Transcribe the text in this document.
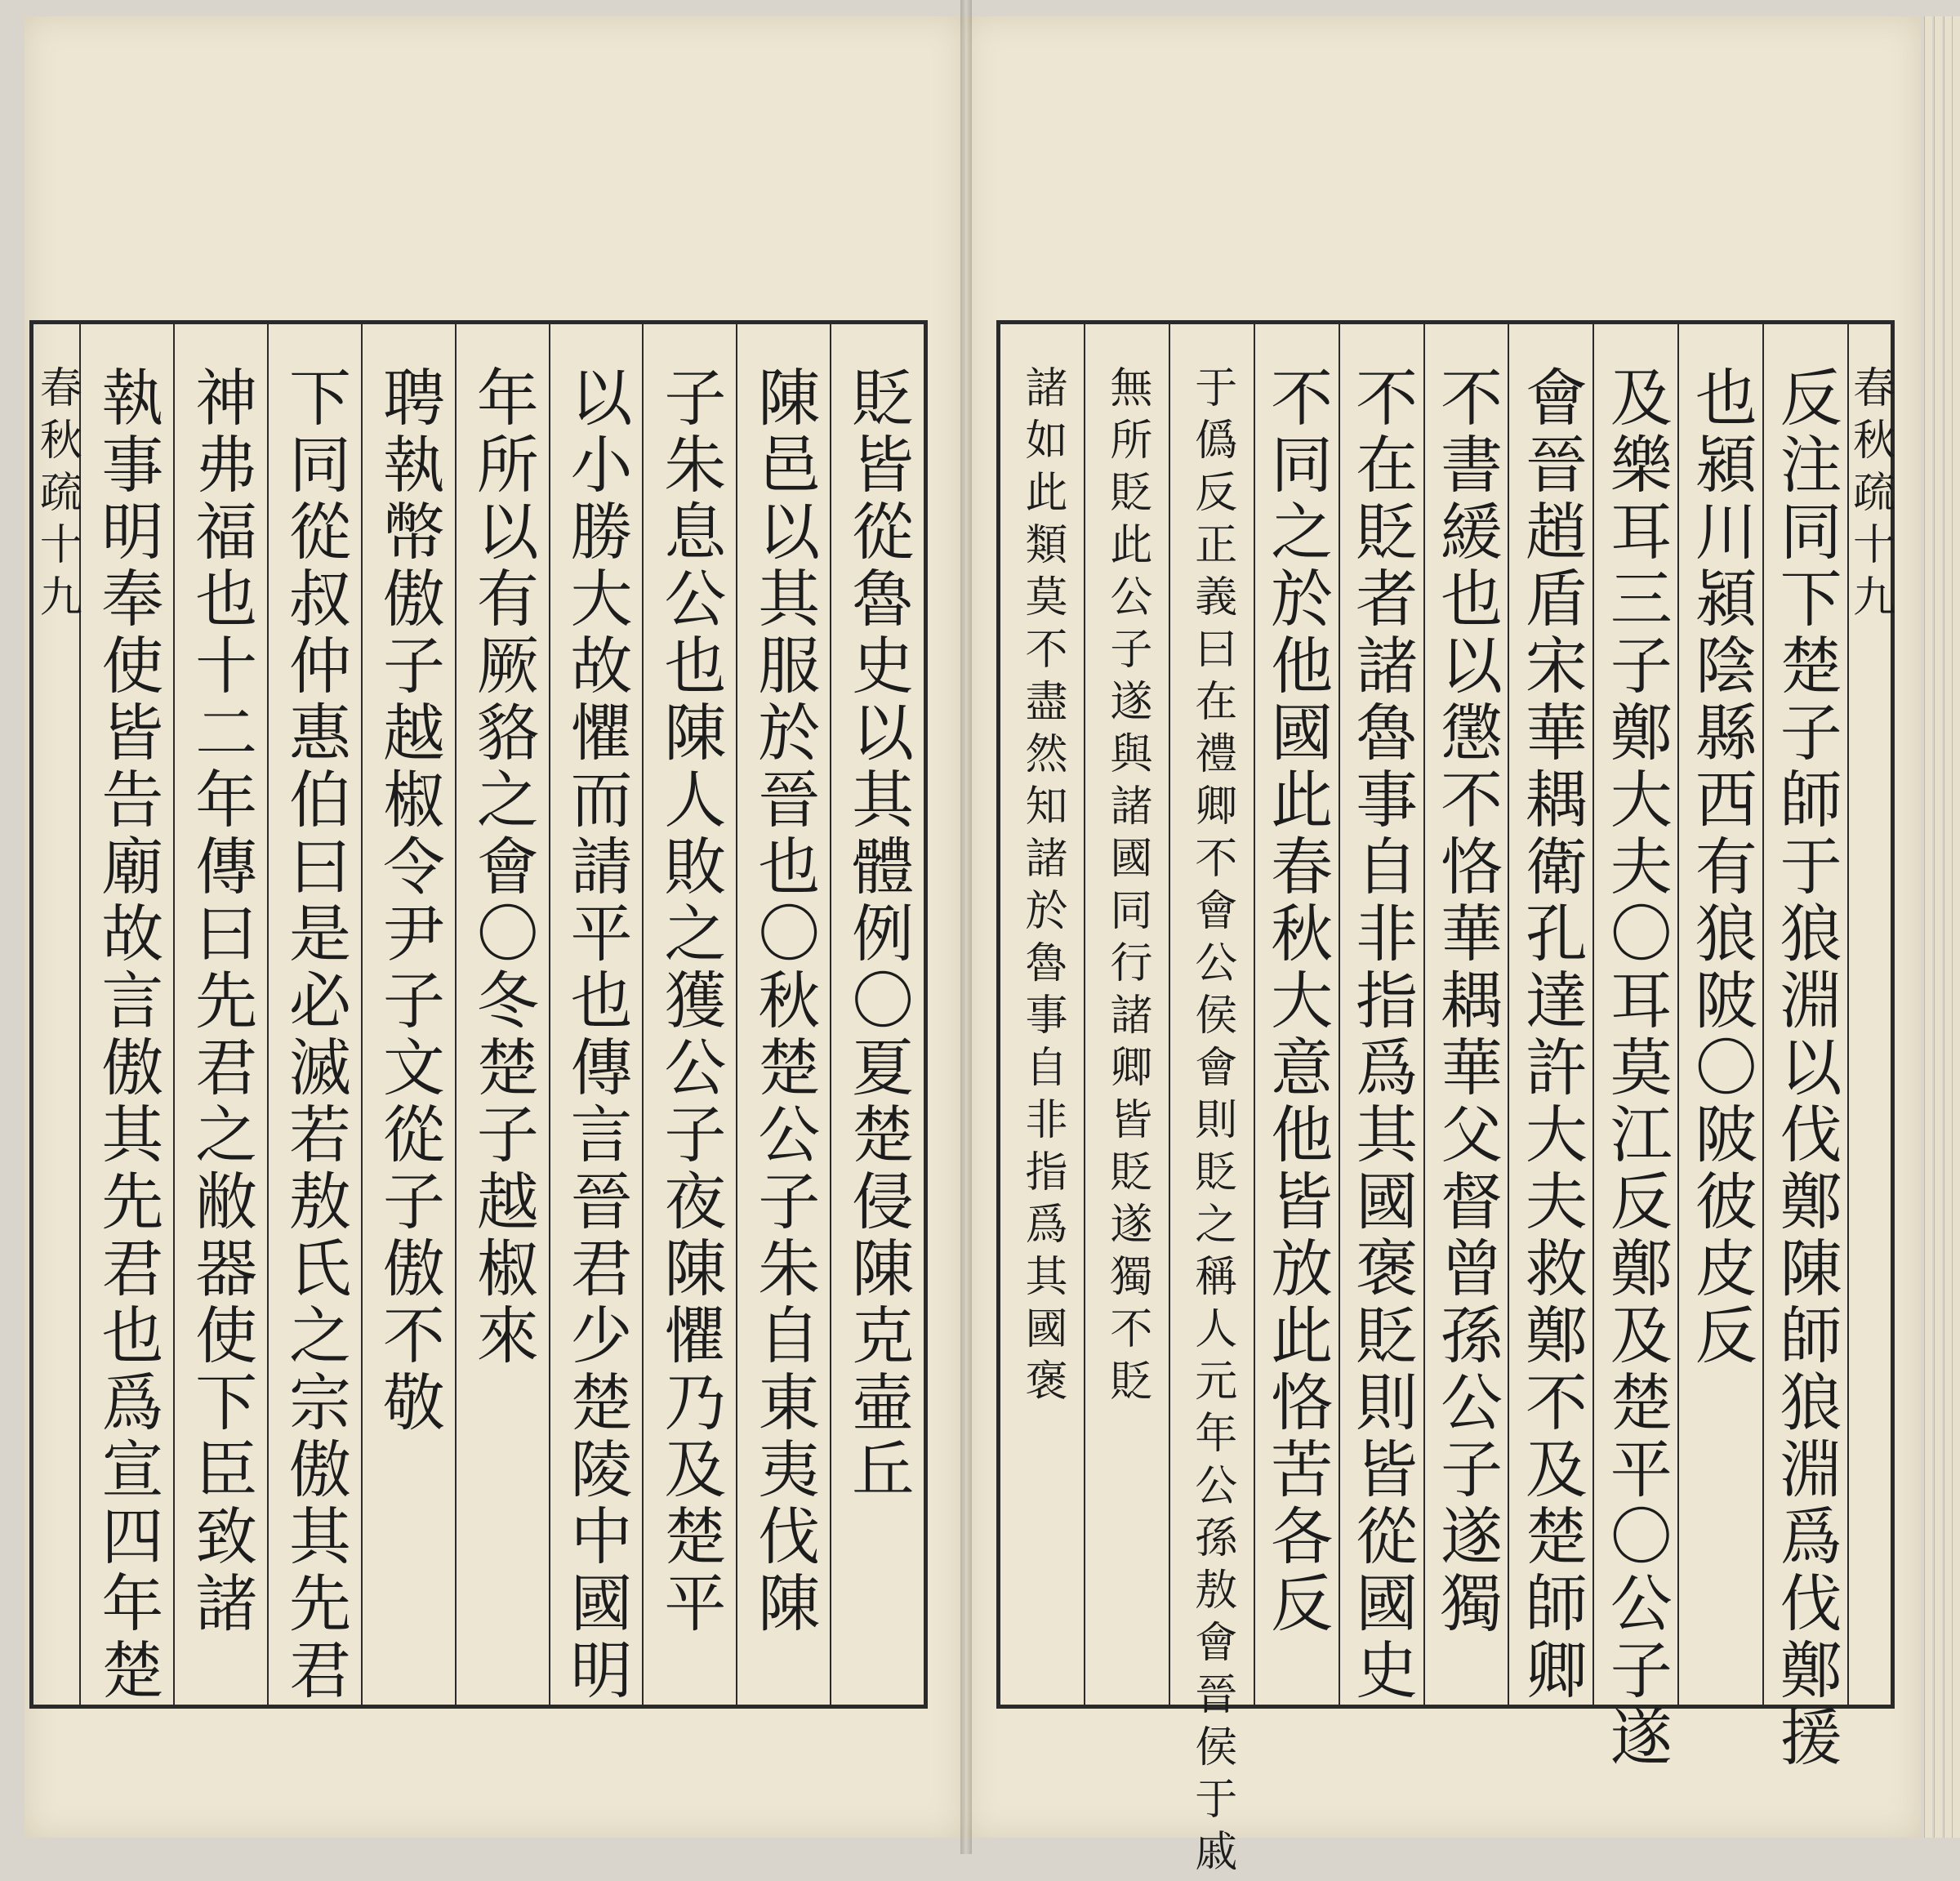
貶皆從魯史以其體例〇夏楚侵陳克壷丘
陳邑以其服於晉也〇秋楚公子朱自東夷伐陳
子朱息公也陳人敗之獲公子夜陳懼乃及楚平
以小勝大故懼而請平也傳言晉君少楚陵中國明
年所以有厥貉之會〇冬楚子越椒來
聘執幣傲子越椒令尹子文從子傲不敬
下同從叔仲惠伯曰是必滅若敖氏之宗傲其先君
神弗福也十二年傳曰先君之敝器使下臣致諸
執事明奉使皆告廟故言傲其先君也爲宣四年楚
春秋疏十九	春秋疏十九
反注同下楚子師于狼淵以伐鄭陳師狼淵爲伐鄭援
也潁川潁陰縣西有狼陂〇陂彼皮反
及樂耳三子鄭大夫〇耳莫江反鄭及楚平〇公子遂
會晉趙盾宋華耦衛孔達許大夫救鄭不及楚師卿
不書緩也以懲不恪華耦華父督曾孫公子遂獨
不在貶者諸魯事自非指爲其國褒貶則皆從國史
不同之於他國此春秋大意他皆放此恪苦各反
于僞反正義曰在禮卿不會公侯會則貶之稱人元年公孫敖會晉侯于戚
無所貶此公子遂與諸國同行諸卿皆貶遂獨不貶
諸如此類莫不盡然知諸於魯事自非指爲其國褒
